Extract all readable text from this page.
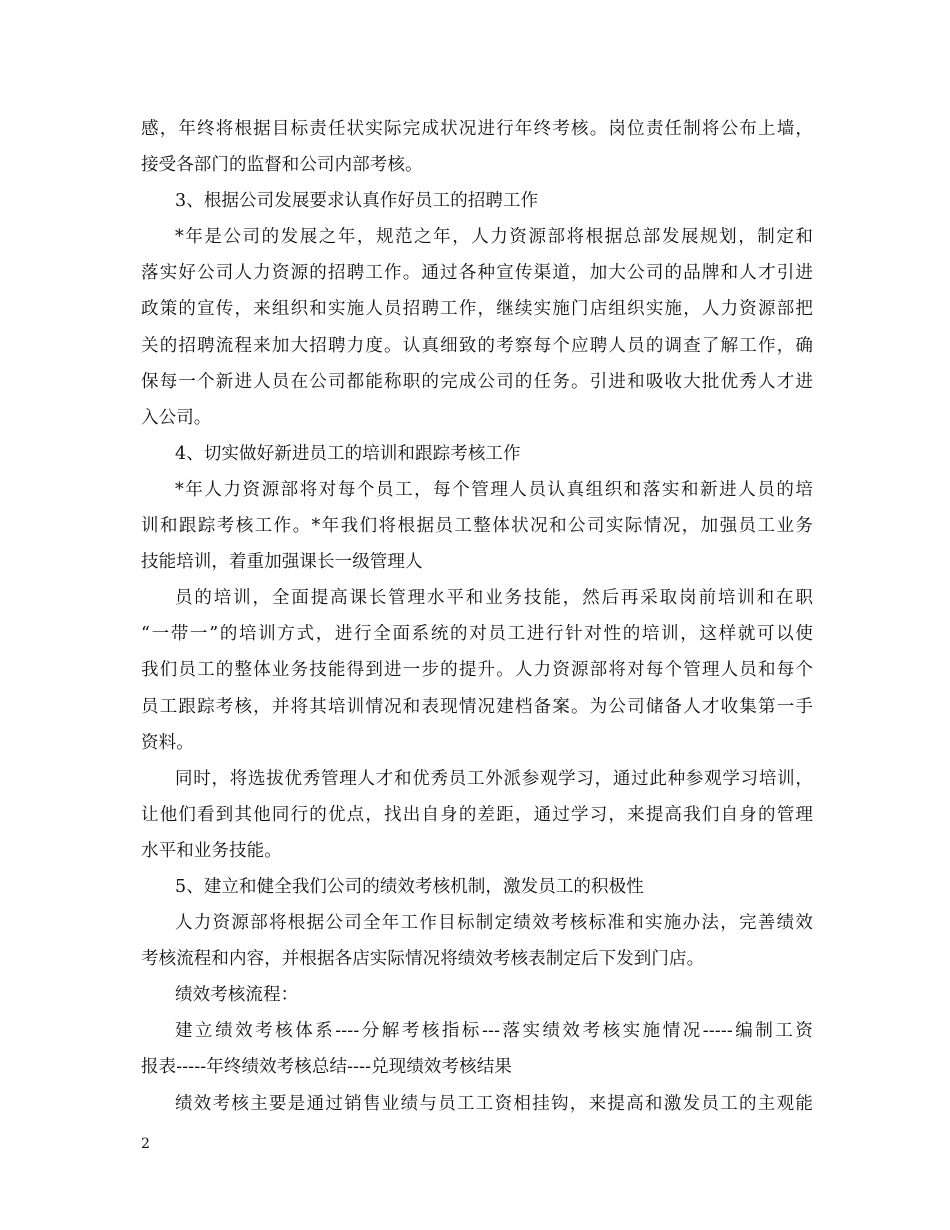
感，年终将根据目标责任状实际完成状况进行年终考核。岗位责任制将公布上墙，
接受各部门的监督和公司内部考核。
3、根据公司发展要求认真作好员工的招聘工作
*年是公司的发展之年，规范之年，人力资源部将根据总部发展规划，制定和
落实好公司人力资源的招聘工作。通过各种宣传渠道，加大公司的品牌和人才引进
政策的宣传，来组织和实施人员招聘工作，继续实施门店组织实施，人力资源部把
关的招聘流程来加大招聘力度。认真细致的考察每个应聘人员的调查了解工作，确
保每一个新进人员在公司都能称职的完成公司的任务。引进和吸收大批优秀人才进
入公司。
4、切实做好新进员工的培训和跟踪考核工作
*年人力资源部将对每个员工，每个管理人员认真组织和落实和新进人员的培
训和跟踪考核工作。*年我们将根据员工整体状况和公司实际情况，加强员工业务
技能培训，着重加强课长一级管理人
员的培训，全面提高课长管理水平和业务技能，然后再采取岗前培训和在职
“一带一”的培训方式，进行全面系统的对员工进行针对性的培训，这样就可以使
我们员工的整体业务技能得到进一步的提升。人力资源部将对每个管理人员和每个
员工跟踪考核，并将其培训情况和表现情况建档备案。为公司储备人才收集第一手
资料。
同时，将选拔优秀管理人才和优秀员工外派参观学习，通过此种参观学习培训，
让他们看到其他同行的优点，找出自身的差距，通过学习，来提高我们自身的管理
水平和业务技能。
5、建立和健全我们公司的绩效考核机制，激发员工的积极性
人力资源部将根据公司全年工作目标制定绩效考核标准和实施办法，完善绩效
考核流程和内容，并根据各店实际情况将绩效考核表制定后下发到门店。
绩效考核流程：
建立绩效考核体系----分解考核指标---落实绩效考核实施情况-----编制工资
报表-----年终绩效考核总结----兑现绩效考核结果
绩效考核主要是通过销售业绩与员工工资相挂钩，来提高和激发员工的主观能
2
